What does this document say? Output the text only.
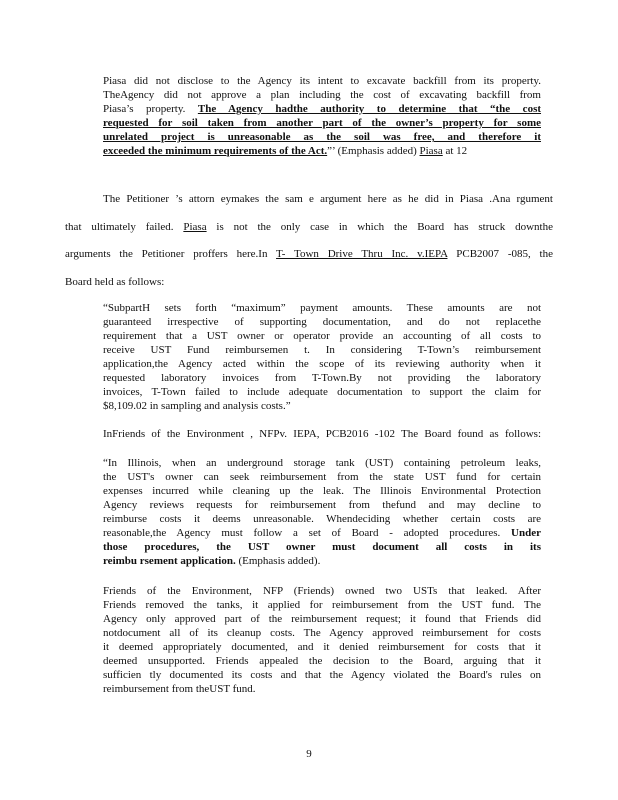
Piasa did not disclose to the Agency its intent to excavate backfill from its property.
TheAgency did not approve a plan including the cost of excavating backfill from
Piasa’s property. The Agency hadthe authority to determine that “the cost
requested for soil taken from another part of the owner’s property for some
unrelated project is unreasonable as the soil was free, and therefore it
exceeded the minimum requirements of the Act.”’ (Emphasis added) Piasa at 12
The Petitioner ’s attorn eymakes the sam e argument here as he did in Piasa .Ana rgument
that ultimately failed. Piasa is not the only case in which the Board has struck downthe
arguments the Petitioner proffers here.In T- Town Drive Thru Inc. v.IEPA PCB2007 -085, the
Board held as follows:
“SubpartH sets forth “maximum” payment amounts. These amounts are not
guaranteed irrespective of supporting documentation, and do not replacethe
requirement that a UST owner or operator provide an accounting of all costs to
receive UST Fund reimbursemen t. In considering T-Town’s reimbursement
application,the Agency acted within the scope of its reviewing authority when it
requested laboratory invoices from T-Town.By not providing the laboratory
invoices, T-Town failed to include adequate documentation to support the claim for
$8,109.02 in sampling and analysis costs.”
InFriends of the Environment , NFPv. IEPA, PCB2016 -102 The Board found as follows:
“In Illinois, when an underground storage tank (UST) containing petroleum leaks,
the UST's owner can seek reimbursement from the state UST fund for certain
expenses incurred while cleaning up the leak. The Illinois Environmental Protection
Agency reviews requests for reimbursement from thefund and may decline to
reimburse costs it deems unreasonable. Whendeciding whether certain costs are
reasonable,the Agency must follow a set of Board - adopted procedures. Under
those procedures, the UST owner must document all costs in its
reimbu rsement application. (Emphasis added).
Friends of the Environment, NFP (Friends) owned two USTs that leaked. After
Friends removed the tanks, it applied for reimbursement from the UST fund. The
Agency only approved part of the reimbursement request; it found that Friends did
notdocument all of its cleanup costs. The Agency approved reimbursement for costs
it deemed appropriately documented, and it denied reimbursement for costs that it
deemed unsupported. Friends appealed the decision to the Board, arguing that it
sufficien tly documented its costs and that the Agency violated the Board's rules on
reimbursement from theUST fund.
9
